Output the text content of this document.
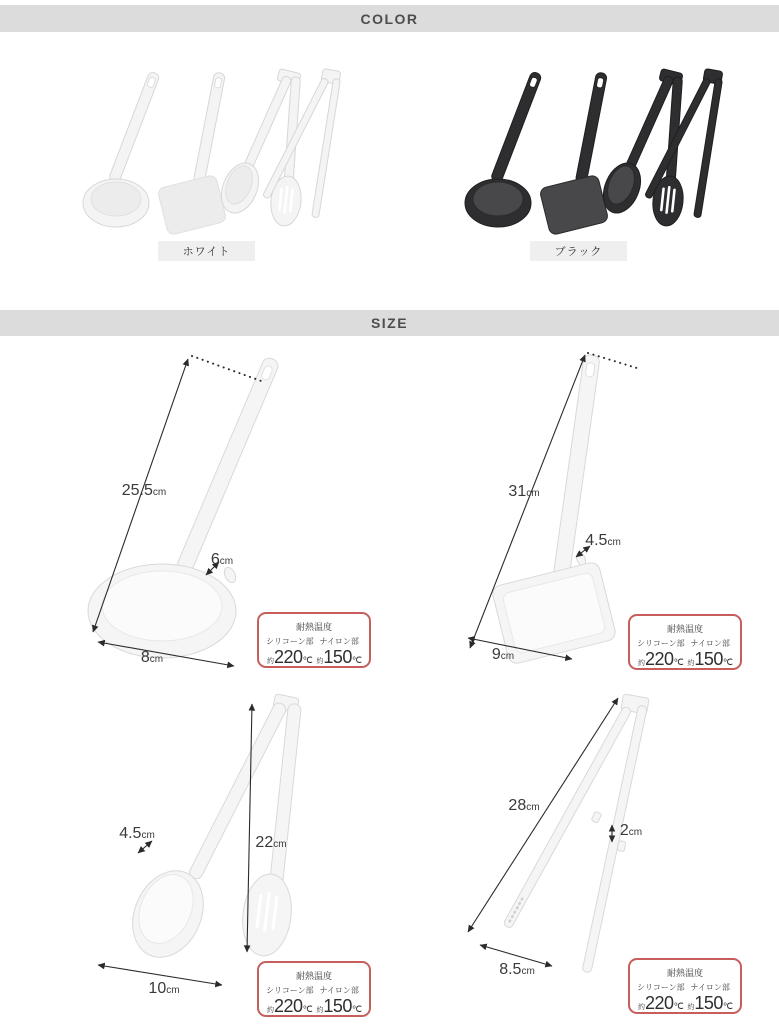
COLOR
ホワイト	ブラック
SIZE
25.5cm
6cm
8cm
31cm
4.5cm
9cm
4.5cm	22cm
10cm
28cm
2cm
8.5cm
耐熱温度
シリコーン部
約220℃
ナイロン部
約150℃
耐熱温度
シリコーン部
約220℃
ナイロン部
約150℃
耐熱温度
シリコーン部
約220℃
ナイロン部
約150℃
耐熱温度
シリコーン部
約220℃
ナイロン部
約150℃
